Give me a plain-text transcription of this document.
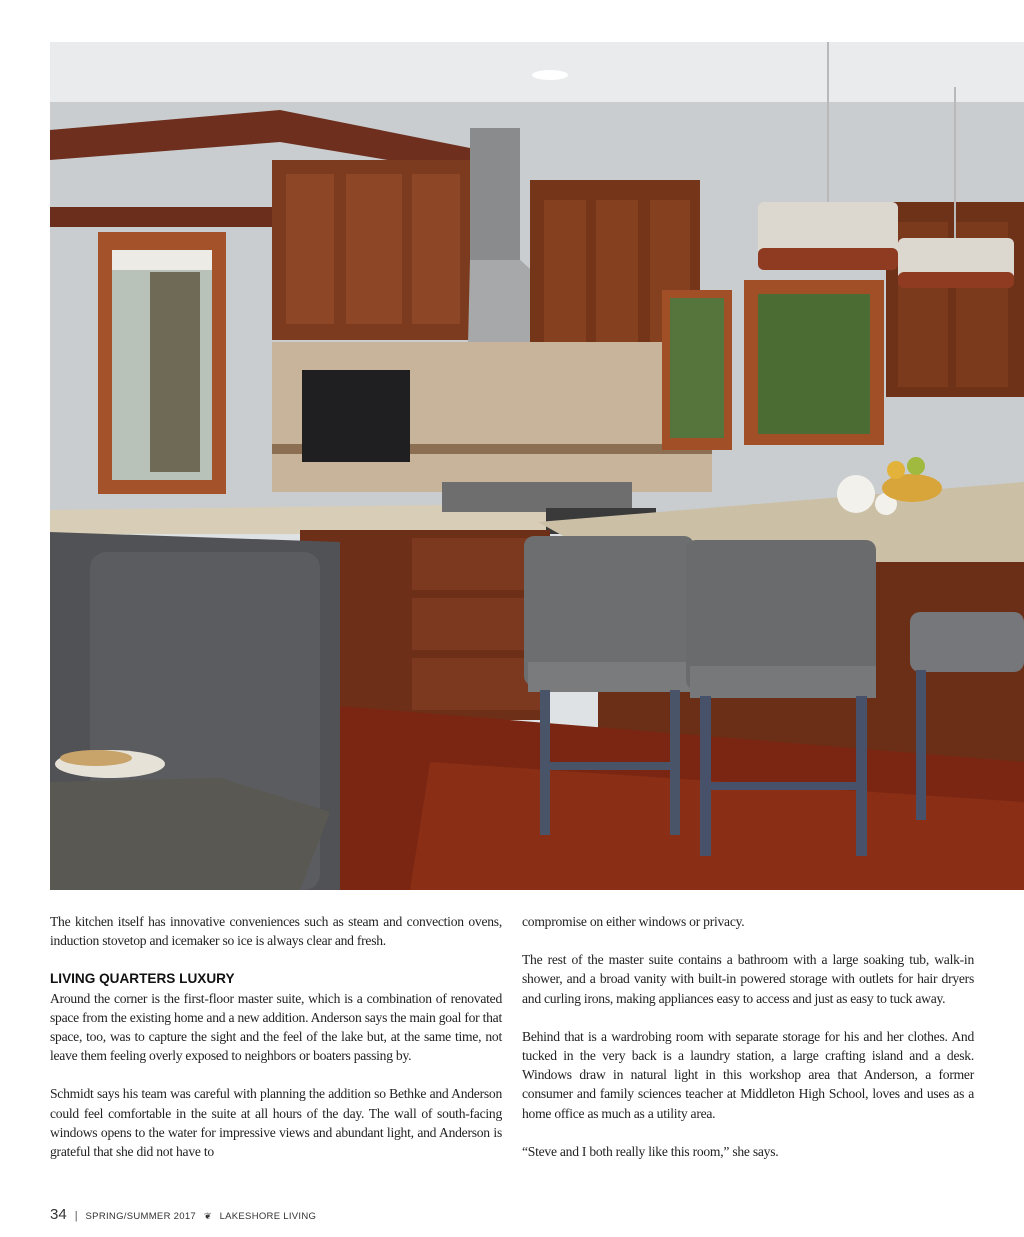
The kitchen itself has innovative conveniences such as steam and convection ovens, induction stovetop and icemaker so ice is always clear and fresh.

LIVING QUARTERS LUXURY

Around the corner is the first-floor master suite, which is a combination of renovated space from the existing home and a new addition. Anderson says the main goal for that space, too, was to capture the sight and the feel of the lake but, at the same time, not leave them feeling overly exposed to neighbors or boaters passing by.

Schmidt says his team was careful with planning the addition so Bethke and Anderson could feel comfortable in the suite at all hours of the day. The wall of south-facing windows opens to the water for impressive views and abundant light, and Anderson is grateful that she did not have to

compromise on either windows or privacy.

The rest of the master suite contains a bathroom with a large soaking tub, walk-in shower, and a broad vanity with built-in powered storage with outlets for hair dryers and curling irons, making appliances easy to access and just as easy to tuck away.

Behind that is a wardrobing room with separate storage for his and her clothes. And tucked in the very back is a laundry station, a large crafting island and a desk. Windows draw in natural light in this workshop area that Anderson, a former consumer and family sciences teacher at Middleton High School, loves and uses as a home office as much as a utility area.

“Steve and I both really like this room,” she says.

34 | SPRING/SUMMER 2017 ❦ LAKESHORE LIVING
